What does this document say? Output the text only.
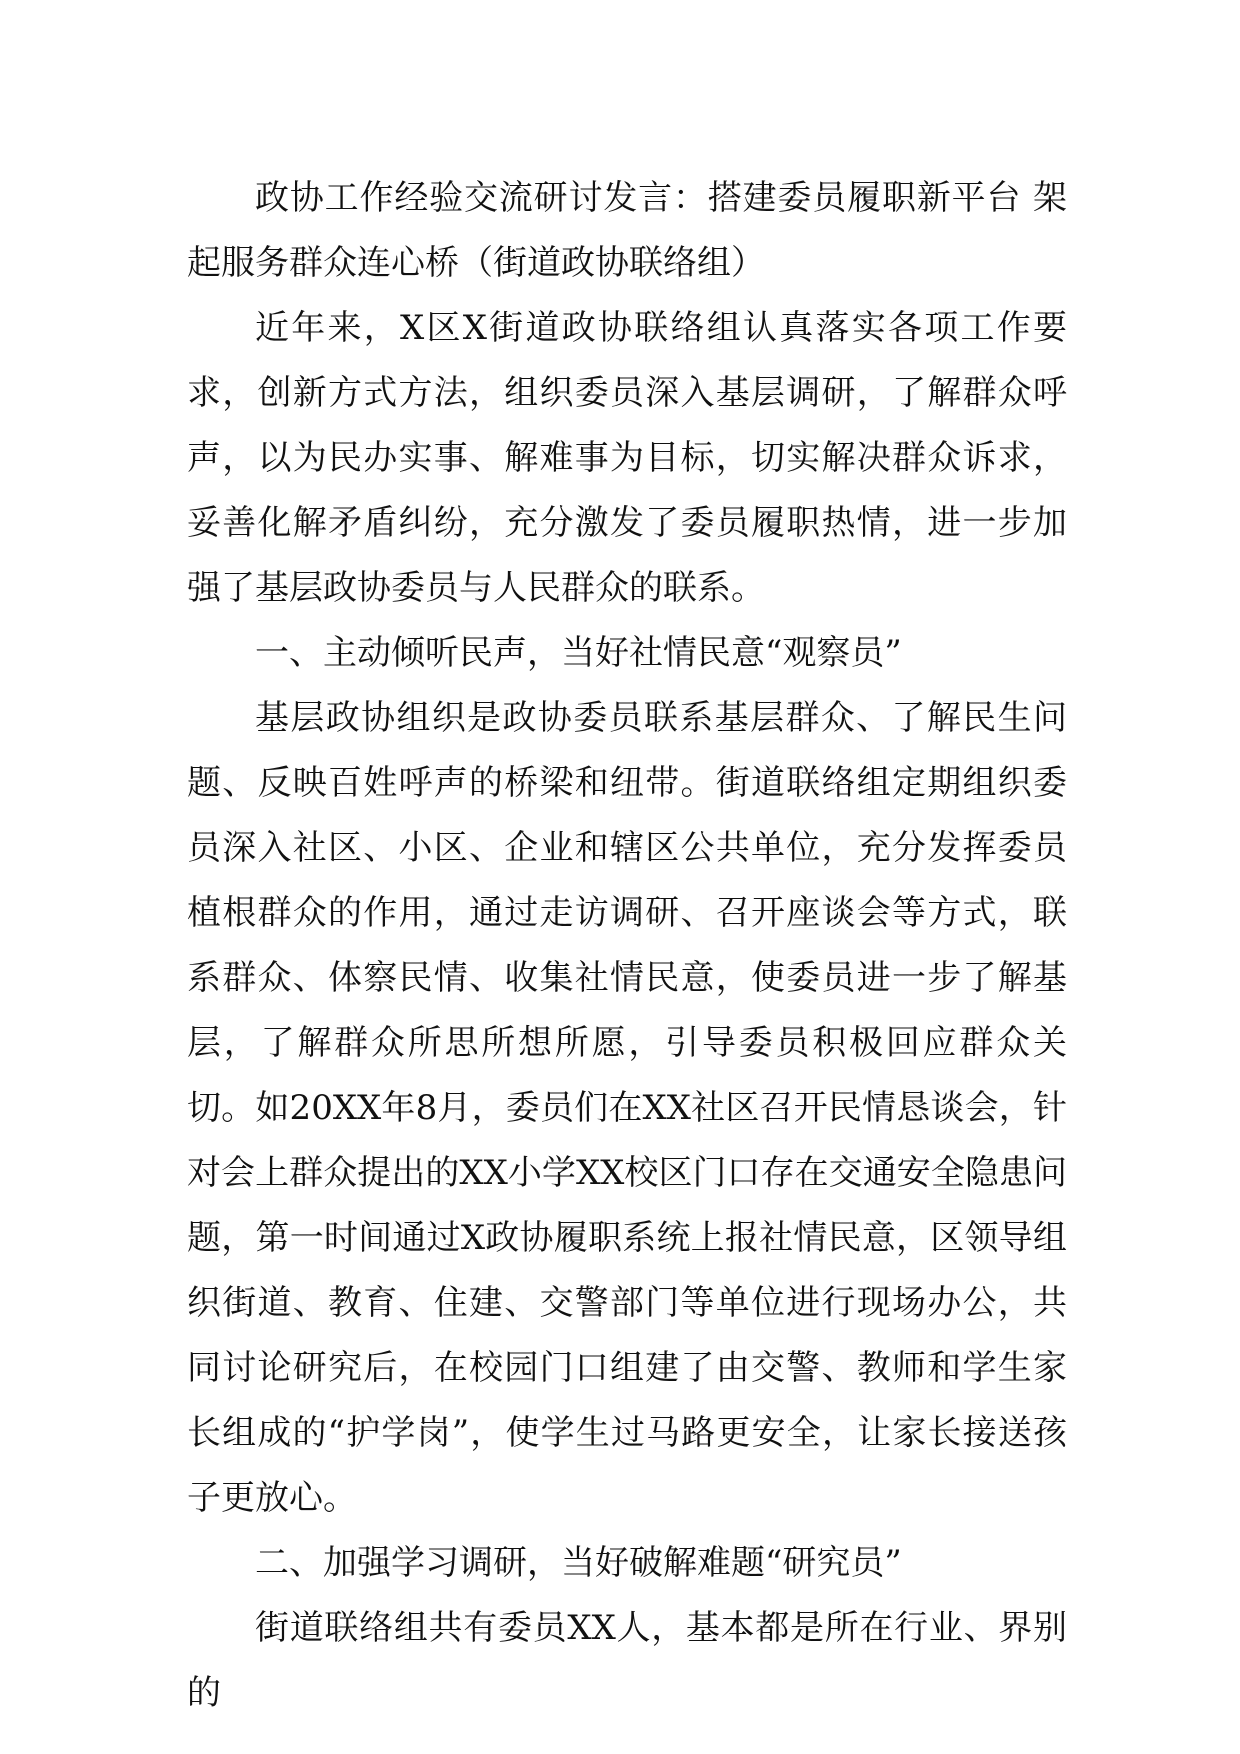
政协工作经验交流研讨发言：搭建委员履职新平台 架起服务群众连心桥（街道政协联络组）

近年来，X区X街道政协联络组认真落实各项工作要求，创新方式方法，组织委员深入基层调研，了解群众呼声，以为民办实事、解难事为目标，切实解决群众诉求，妥善化解矛盾纠纷，充分激发了委员履职热情，进一步加强了基层政协委员与人民群众的联系。

一、主动倾听民声，当好社情民意“观察员”

基层政协组织是政协委员联系基层群众、了解民生问题、反映百姓呼声的桥梁和纽带。街道联络组定期组织委员深入社区、小区、企业和辖区公共单位，充分发挥委员植根群众的作用，通过走访调研、召开座谈会等方式，联系群众、体察民情、收集社情民意，使委员进一步了解基层，了解群众所思所想所愿，引导委员积极回应群众关切。如20XX年8月，委员们在XX社区召开民情恳谈会，针对会上群众提出的XX小学XX校区门口存在交通安全隐患问题，第一时间通过X政协履职系统上报社情民意，区领导组织街道、教育、住建、交警部门等单位进行现场办公，共同讨论研究后，在校园门口组建了由交警、教师和学生家长组成的“护学岗”，使学生过马路更安全，让家长接送孩子更放心。

二、加强学习调研，当好破解难题“研究员”

街道联络组共有委员XX人，基本都是所在行业、界别的
